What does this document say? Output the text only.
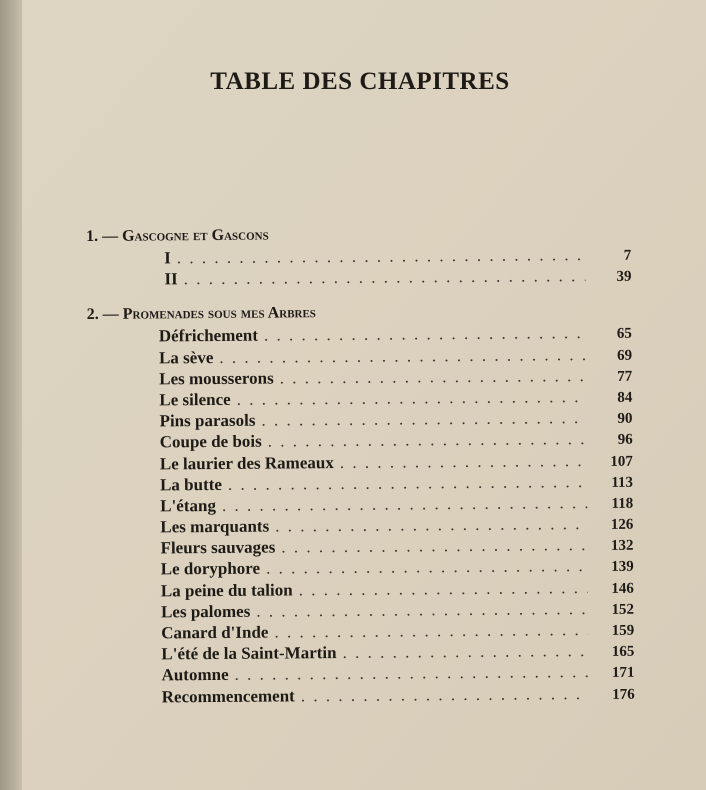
TABLE DES CHAPITRES
1. — Gascogne et Gascons
I . . .	7
II . . .	39
2. — Promenades sous mes Arbres
Défrichement . . .	65
La sève . . .	69
Les mousserons . . .	77
Le silence . . .	84
Pins parasols . . .	90
Coupe de bois . . .	96
Le laurier des Rameaux . . .	107
La butte . . .	113
L'étang . . .	118
Les marquants . . .	126
Fleurs sauvages . . .	132
Le doryphore . . .	139
La peine du talion . . .	146
Les palomes . . .	152
Canard d'Inde . . .	159
L'été de la Saint-Martin . . .	165
Automne . . .	171
Recommencement . . .	176
